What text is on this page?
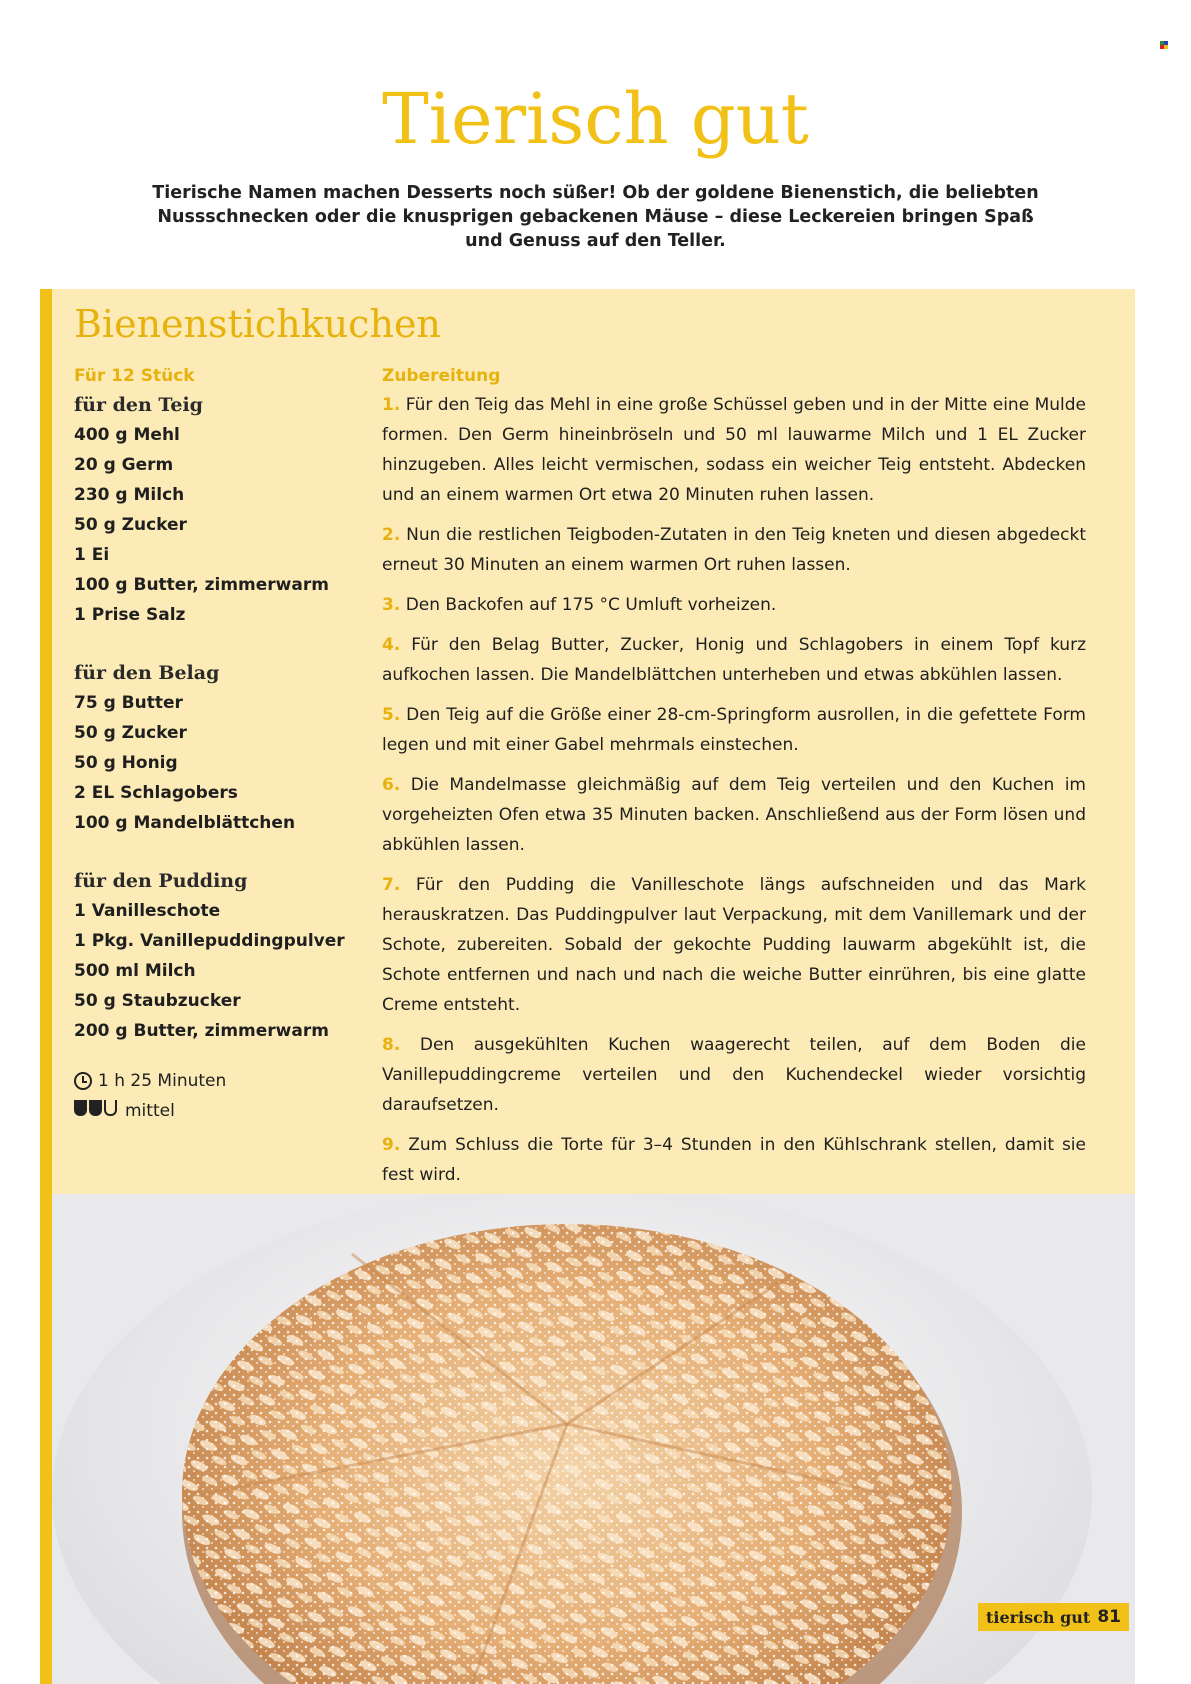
Tierisch gut
Tierische Namen machen Desserts noch süßer! Ob der goldene Bienenstich, die beliebten Nussschnecken oder die knusprigen gebackenen Mäuse – diese Leckereien bringen Spaß und Genuss auf den Teller.
Bienenstichkuchen
Für 12 Stück
für den Teig
400 g Mehl
20 g Germ
230 g Milch
50 g Zucker
1 Ei
100 g Butter, zimmerwarm
1 Prise Salz
für den Belag
75 g Butter
50 g Zucker
50 g Honig
2 EL Schlagobers
100 g Mandelblättchen
für den Pudding
1 Vanilleschote
1 Pkg. Vanillepuddingpulver
500 ml Milch
50 g Staubzucker
200 g Butter, zimmerwarm
1 h 25 Minuten
mittel
Zubereitung
1. Für den Teig das Mehl in eine große Schüssel geben und in der Mitte eine Mulde formen. Den Germ hineinbröseln und 50 ml lauwarme Milch und 1 EL Zucker hinzugeben. Alles leicht vermischen, sodass ein weicher Teig entsteht. Abdecken und an einem warmen Ort etwa 20 Minuten ruhen lassen.
2. Nun die restlichen Teigboden-Zutaten in den Teig kneten und diesen abgedeckt erneut 30 Minuten an einem warmen Ort ruhen lassen.
3. Den Backofen auf 175 °C Umluft vorheizen.
4. Für den Belag Butter, Zucker, Honig und Schlagobers in einem Topf kurz aufkochen lassen. Die Mandelblättchen unterheben und etwas abkühlen lassen.
5. Den Teig auf die Größe einer 28-cm-Springform ausrollen, in die gefettete Form legen und mit einer Gabel mehrmals einstechen.
6. Die Mandelmasse gleichmäßig auf dem Teig verteilen und den Kuchen im vorgeheizten Ofen etwa 35 Minuten backen. Anschließend aus der Form lösen und abkühlen lassen.
7. Für den Pudding die Vanilleschote längs aufschneiden und das Mark herauskratzen. Das Puddingpulver laut Verpackung, mit dem Vanillemark und der Schote, zubereiten. Sobald der gekochte Pudding lauwarm abgekühlt ist, die Schote entfernen und nach und nach die weiche Butter einrühren, bis eine glatte Creme entsteht.
8. Den ausgekühlten Kuchen waagerecht teilen, auf dem Boden die Vanillepuddingcreme verteilen und den Kuchendeckel wieder vorsichtig daraufsetzen.
9. Zum Schluss die Torte für 3–4 Stunden in den Kühlschrank stellen, damit sie fest wird.
tierisch gut 81
